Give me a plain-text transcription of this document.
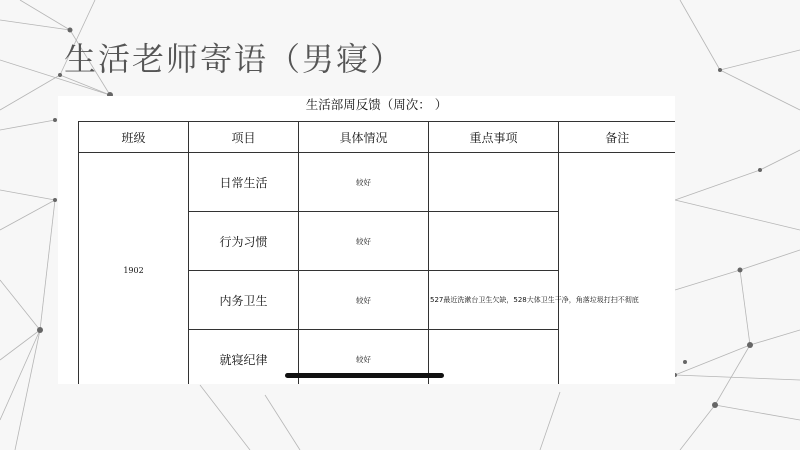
生活老师寄语（男寝）
生活部周反馈（周次： ）
班级	项目	具体情况	重点事项	备注
1902	日常生活	较好		
	行为习惯	较好		
	内务卫生	较好	527最近洗漱台卫生欠缺，528大体卫生干净，角落垃圾打扫不彻底	
	就寝纪律	较好		
